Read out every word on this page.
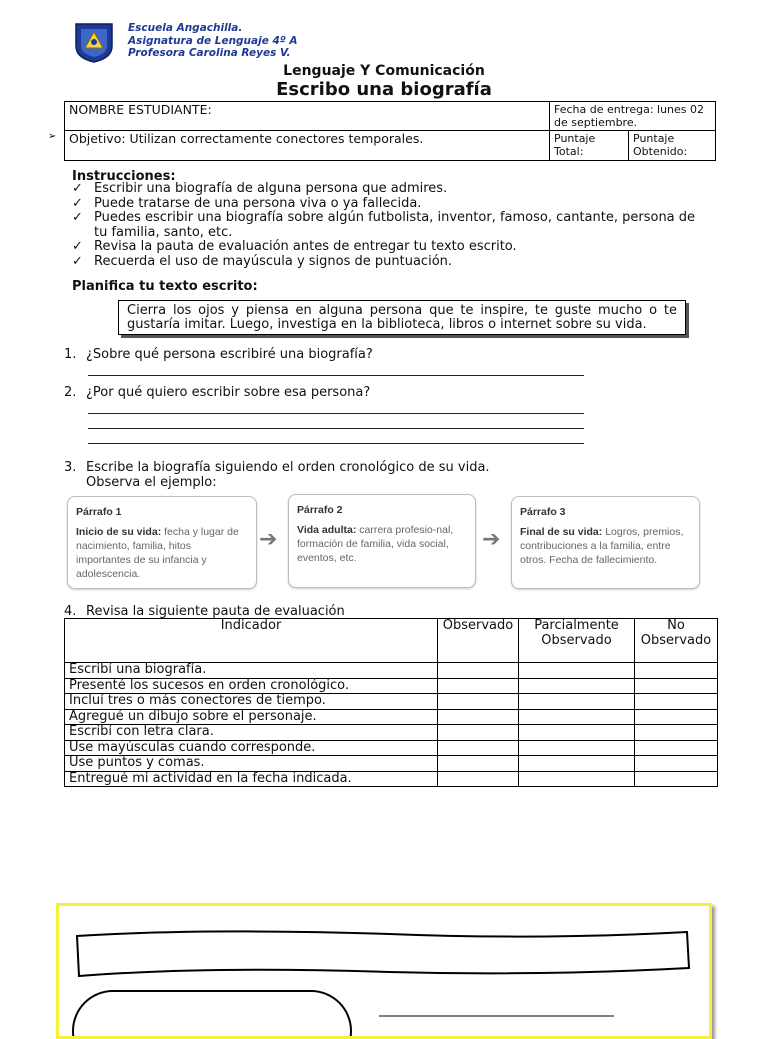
Escuela Angachilla.
Asignatura de Lenguaje 4º A
Profesora Carolina Reyes V.
Lenguaje Y Comunicación
Escribo una biografía
➢
NOMBRE ESTUDIANTE:	Fecha de entrega: lunes 02 de septiembre.	
Objetivo: Utilizan correctamente conectores temporales.	Puntaje Total:	Puntaje Obtenido:
Instrucciones:
✓ Escribir una biografía de alguna persona que admires.
✓ Puede tratarse de una persona viva o ya fallecida.
✓ Puedes escribir una biografía sobre algún futbolista, inventor, famoso, cantante, persona de tu familia, santo, etc.
✓ Revisa la pauta de evaluación antes de entregar tu texto escrito.
✓ Recuerda el uso de mayúscula y signos de puntuación.
Planifica tu texto escrito:
Cierra los ojos y piensa en alguna persona que te inspire, te guste mucho o te gustaría imitar. Luego, investiga en la biblioteca, libros o internet sobre su vida.
1. ¿Sobre qué persona escribiré una biografía?
2. ¿Por qué quiero escribir sobre esa persona?
3. Escribe la biografía siguiendo el orden cronológico de su vida.
Observa el ejemplo:
Párrafo 1
Inicio de su vida: fecha y lugar de nacimiento, familia, hitos importantes de su infancia y adolescencia.
➔
Párrafo 2
Vida adulta: carrera profesio-nal, formación de familia, vida social, eventos, etc.
➔
Párrafo 3
Final de su vida: Logros, premios, contribuciones a la familia, entre otros. Fecha de fallecimiento.
4. Revisa la siguiente pauta de evaluación
Indicador	Observado	Parcialmente Observado	No Observado
Escribí una biografía.			
Presenté los sucesos en orden cronológico.			
Incluí tres o más conectores de tiempo.			
Agregué un dibujo sobre el personaje.			
Escribí con letra clara.			
Use mayúsculas cuando corresponde.			
Use puntos y comas.			
Entregué mi actividad en la fecha indicada.			
